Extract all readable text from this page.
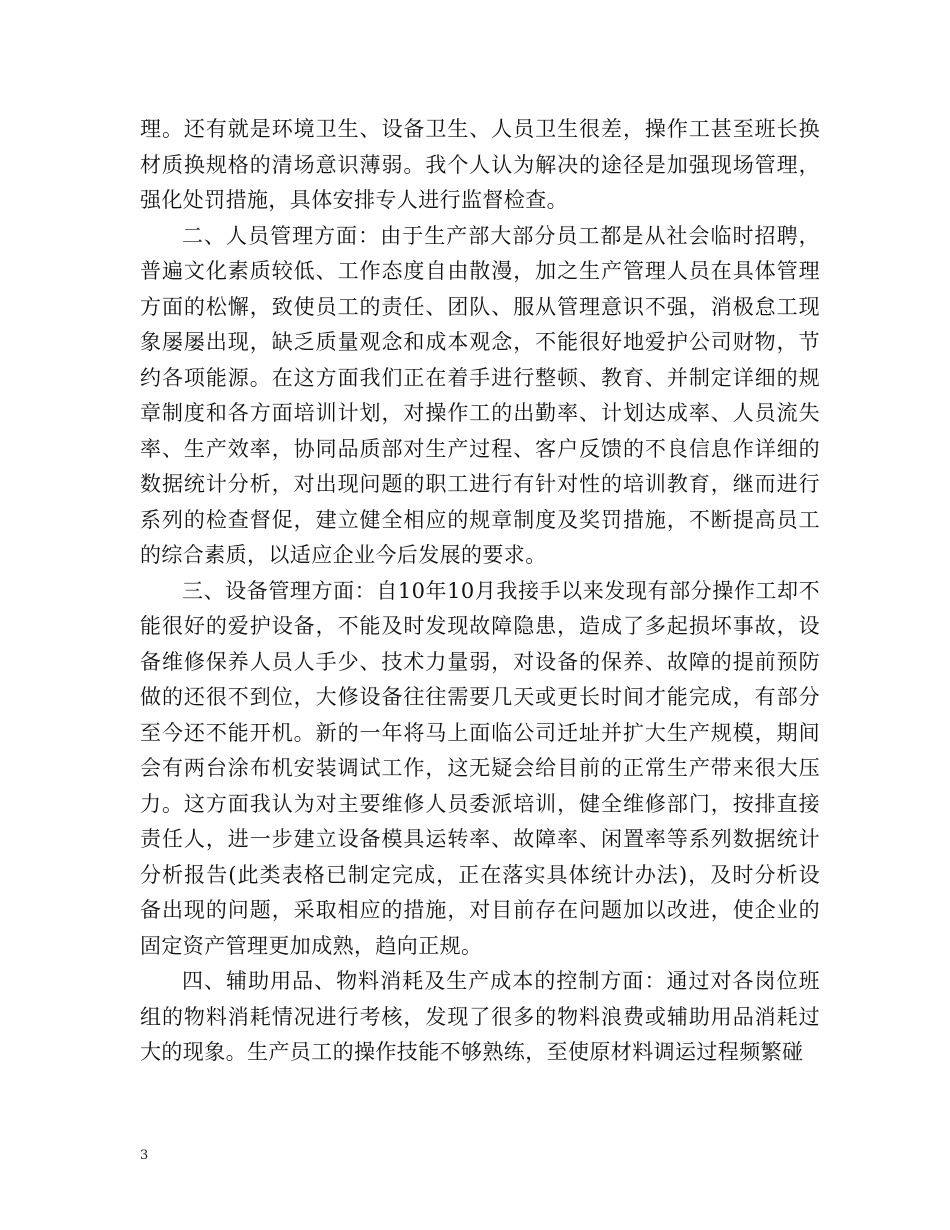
理。还有就是环境卫生、设备卫生、人员卫生很差，操作工甚至班长换材质换规格的清场意识薄弱。我个人认为解决的途径是加强现场管理，强化处罚措施，具体安排专人进行监督检查。

二、人员管理方面：由于生产部大部分员工都是从社会临时招聘，普遍文化素质较低、工作态度自由散漫，加之生产管理人员在具体管理方面的松懈，致使员工的责任、团队、服从管理意识不强，消极怠工现象屡屡出现，缺乏质量观念和成本观念，不能很好地爱护公司财物，节约各项能源。在这方面我们正在着手进行整顿、教育、并制定详细的规章制度和各方面培训计划，对操作工的出勤率、计划达成率、人员流失率、生产效率，协同品质部对生产过程、客户反馈的不良信息作详细的数据统计分析，对出现问题的职工进行有针对性的培训教育，继而进行系列的检查督促，建立健全相应的规章制度及奖罚措施，不断提高员工的综合素质，以适应企业今后发展的要求。

三、设备管理方面：自10年10月我接手以来发现有部分操作工却不能很好的爱护设备，不能及时发现故障隐患，造成了多起损坏事故，设备维修保养人员人手少、技术力量弱，对设备的保养、故障的提前预防做的还很不到位，大修设备往往需要几天或更长时间才能完成，有部分至今还不能开机。新的一年将马上面临公司迁址并扩大生产规模，期间会有两台涂布机安装调试工作，这无疑会给目前的正常生产带来很大压力。这方面我认为对主要维修人员委派培训，健全维修部门，按排直接责任人，进一步建立设备模具运转率、故障率、闲置率等系列数据统计分析报告(此类表格已制定完成，正在落实具体统计办法)，及时分析设备出现的问题，采取相应的措施，对目前存在问题加以改进，使企业的固定资产管理更加成熟，趋向正规。

四、辅助用品、物料消耗及生产成本的控制方面：通过对各岗位班组的物料消耗情况进行考核，发现了很多的物料浪费或辅助用品消耗过大的现象。生产员工的操作技能不够熟练，至使原材料调运过程频繁碰

3
